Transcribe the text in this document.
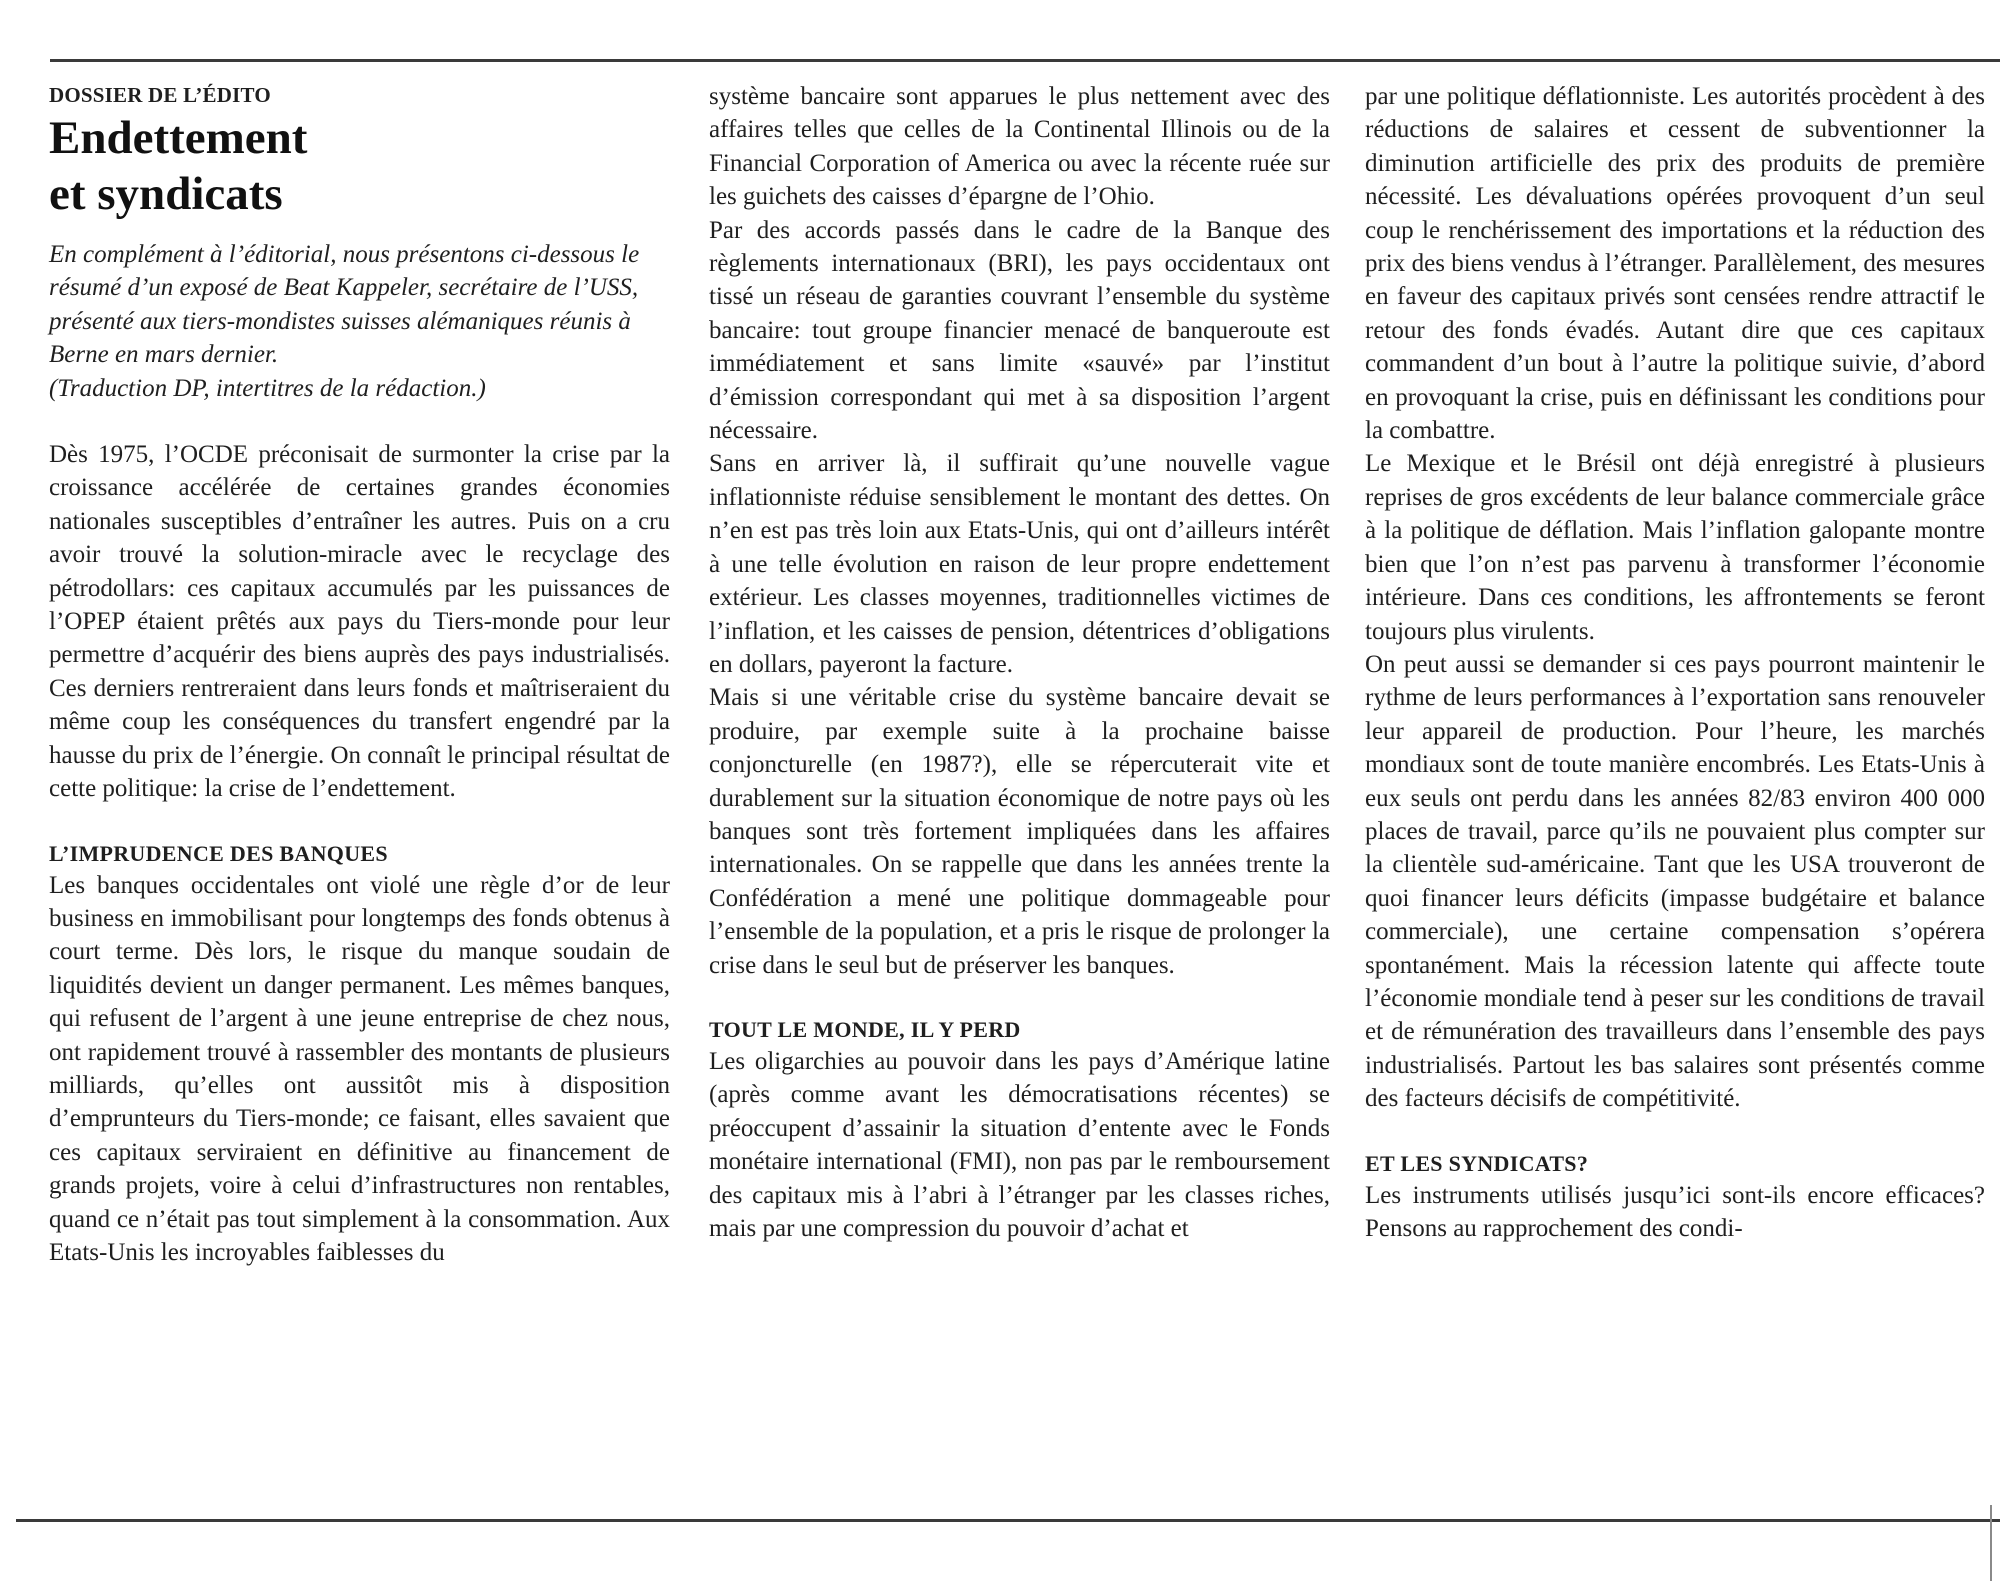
DOSSIER DE L’ÉDITO

Endettement
et syndicats

En complément à l’éditorial, nous présentons ci-dessous le résumé d’un exposé de Beat Kappeler, secrétaire de l’USS, présenté aux tiers-mondistes suisses alémaniques réunis à Berne en mars dernier.

(Traduction DP, intertitres de la rédaction.)

Dès 1975, l’OCDE préconisait de surmonter la crise par la croissance accélérée de certaines grandes économies nationales susceptibles d’entraîner les autres. Puis on a cru avoir trouvé la solution-miracle avec le recyclage des pétrodollars: ces capitaux accumulés par les puissances de l’OPEP étaient prêtés aux pays du Tiers-monde pour leur permettre d’acquérir des biens auprès des pays industrialisés. Ces derniers rentreraient dans leurs fonds et maîtriseraient du même coup les conséquences du transfert engendré par la hausse du prix de l’énergie. On connaît le principal résultat de cette politique: la crise de l’endettement.

L’IMPRUDENCE DES BANQUES

Les banques occidentales ont violé une règle d’or de leur business en immobilisant pour longtemps des fonds obtenus à court terme. Dès lors, le risque du manque soudain de liquidités devient un danger permanent. Les mêmes banques, qui refusent de l’argent à une jeune entreprise de chez nous, ont rapidement trouvé à rassembler des montants de plusieurs milliards, qu’elles ont aussitôt mis à disposition d’emprunteurs du Tiers-monde; ce faisant, elles savaient que ces capitaux serviraient en définitive au financement de grands projets, voire à celui d’infrastructures non rentables, quand ce n’était pas tout simplement à la consommation. Aux Etats-Unis les incroyables faiblesses du

système bancaire sont apparues le plus nettement avec des affaires telles que celles de la Continental Illinois ou de la Financial Corporation of America ou avec la récente ruée sur les guichets des caisses d’épargne de l’Ohio.

Par des accords passés dans le cadre de la Banque des règlements internationaux (BRI), les pays occidentaux ont tissé un réseau de garanties couvrant l’ensemble du système bancaire: tout groupe financier menacé de banqueroute est immédiatement et sans limite «sauvé» par l’institut d’émission correspondant qui met à sa disposition l’argent nécessaire.

Sans en arriver là, il suffirait qu’une nouvelle vague inflationniste réduise sensiblement le montant des dettes. On n’en est pas très loin aux Etats-Unis, qui ont d’ailleurs intérêt à une telle évolution en raison de leur propre endettement extérieur. Les classes moyennes, traditionnelles victimes de l’inflation, et les caisses de pension, détentrices d’obligations en dollars, payeront la facture.

Mais si une véritable crise du système bancaire devait se produire, par exemple suite à la prochaine baisse conjoncturelle (en 1987?), elle se répercuterait vite et durablement sur la situation économique de notre pays où les banques sont très fortement impliquées dans les affaires internationales. On se rappelle que dans les années trente la Confédération a mené une politique dommageable pour l’ensemble de la population, et a pris le risque de prolonger la crise dans le seul but de préserver les banques.

TOUT LE MONDE, IL Y PERD

Les oligarchies au pouvoir dans les pays d’Amérique latine (après comme avant les démocratisations récentes) se préoccupent d’assainir la situation d’entente avec le Fonds monétaire international (FMI), non pas par le remboursement des capitaux mis à l’abri à l’étranger par les classes riches, mais par une compression du pouvoir d’achat et

par une politique déflationniste. Les autorités procèdent à des réductions de salaires et cessent de subventionner la diminution artificielle des prix des produits de première nécessité. Les dévaluations opérées provoquent d’un seul coup le renchérissement des importations et la réduction des prix des biens vendus à l’étranger. Parallèlement, des mesures en faveur des capitaux privés sont censées rendre attractif le retour des fonds évadés. Autant dire que ces capitaux commandent d’un bout à l’autre la politique suivie, d’abord en provoquant la crise, puis en définissant les conditions pour la combattre.

Le Mexique et le Brésil ont déjà enregistré à plusieurs reprises de gros excédents de leur balance commerciale grâce à la politique de déflation. Mais l’inflation galopante montre bien que l’on n’est pas parvenu à transformer l’économie intérieure. Dans ces conditions, les affrontements se feront toujours plus virulents.

On peut aussi se demander si ces pays pourront maintenir le rythme de leurs performances à l’exportation sans renouveler leur appareil de production. Pour l’heure, les marchés mondiaux sont de toute manière encombrés. Les Etats-Unis à eux seuls ont perdu dans les années 82/83 environ 400 000 places de travail, parce qu’ils ne pouvaient plus compter sur la clientèle sud-américaine. Tant que les USA trouveront de quoi financer leurs déficits (impasse budgétaire et balance commerciale), une certaine compensation s’opérera spontanément. Mais la récession latente qui affecte toute l’économie mondiale tend à peser sur les conditions de travail et de rémunération des travailleurs dans l’ensemble des pays industrialisés. Partout les bas salaires sont présentés comme des facteurs décisifs de compétitivité.

ET LES SYNDICATS?

Les instruments utilisés jusqu’ici sont-ils encore efficaces? Pensons au rapprochement des condi-
